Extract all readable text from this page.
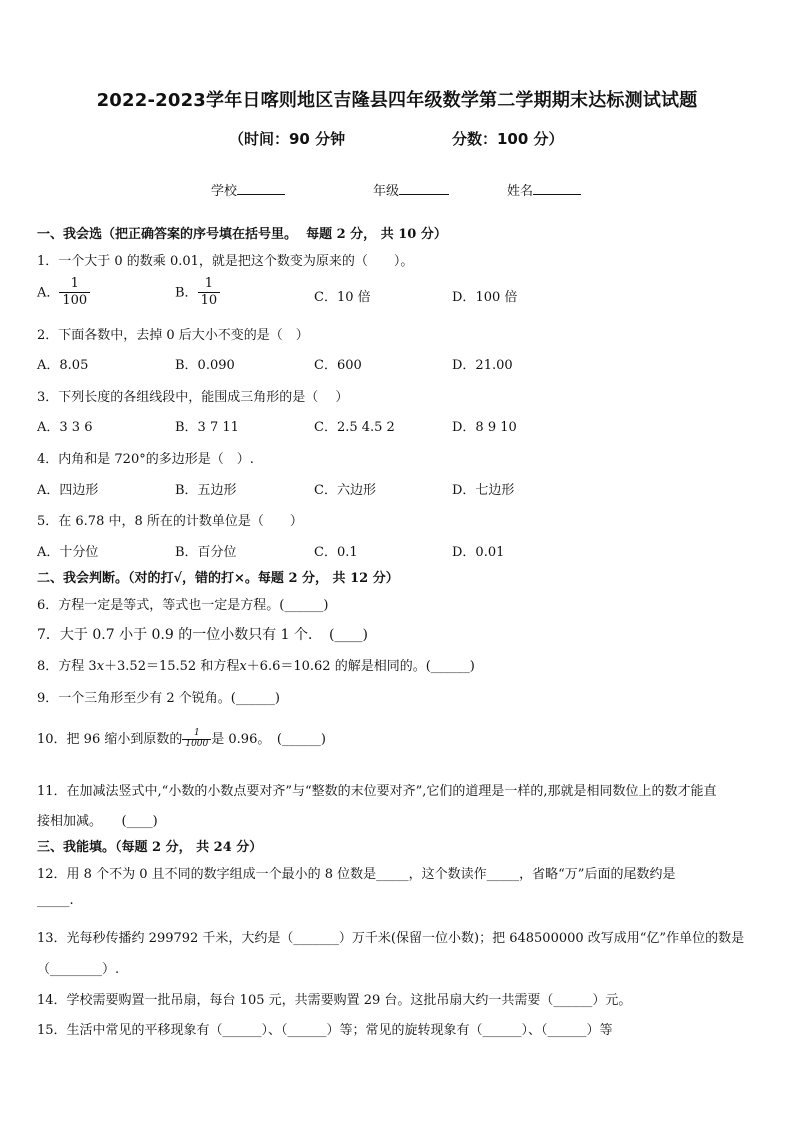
2022-2023学年日喀则地区吉隆县四年级数学第二学期期末达标测试试题
（时间：90 分钟	分数：100 分）
学校	年级	姓名
一、我会选（把正确答案的序号填在括号里。 每题 2 分， 共 10 分）
1．一个大于 0 的数乘 0.01，就是把这个数变为原来的（　　）。
A． $\frac{1}{100}$	B． $\frac{1}{10}$	C．10 倍	D．100 倍
2．下面各数中，去掉 0 后大小不变的是（　）
A．8.05	B．0.090	C．600	D．21.00
3．下列长度的各组线段中，能围成三角形的是（　 ）
A．3 3 6	B．3 7 11	C．2.5 4.5 2	D．8 9 10
4．内角和是 720°的多边形是（　）.
A．四边形	B．五边形	C．六边形	D．七边形
5．在 6.78 中，8 所在的计数单位是（　　）
A．十分位	B．百分位	C．0.1	D．0.01
二、我会判断。（对的打√，错的打×。每题 2 分， 共 12 分）
6．方程一定是等式，等式也一定是方程。(______)
7．大于 0.7 小于 0.9 的一位小数只有 1 个．　(____)
8．方程 3x＋3.52＝15.52 和方程x＋6.6＝10.62 的解是相同的。(______)
9．一个三角形至少有 2 个锐角。(______)
10．把 96 缩小到原数的 $\frac{1}{1000}$ 是 0.96。　(______)
11．在加减法竖式中,“小数的小数点要对齐”与“整数的末位要对齐”,它们的道理是一样的,那就是相同数位上的数才能直
接相加减。　　(____)
三、我能填。（每题 2 分， 共 24 分）
12．用 8 个不为 0 且不同的数字组成一个最小的 8 位数是_____，这个数读作_____，省略“万”后面的尾数约是
_____.
13．光每秒传播约 299792 千米，大约是（_______）万千米(保留一位小数)；把 648500000 改写成用“亿”作单位的数是
（________）.
14．学校需要购置一批吊扇，每台 105 元，共需要购置 29 台。这批吊扇大约一共需要（______）元。
15．生活中常见的平移现象有（______）、（______）等；常见的旋转现象有（______）、（______）等
